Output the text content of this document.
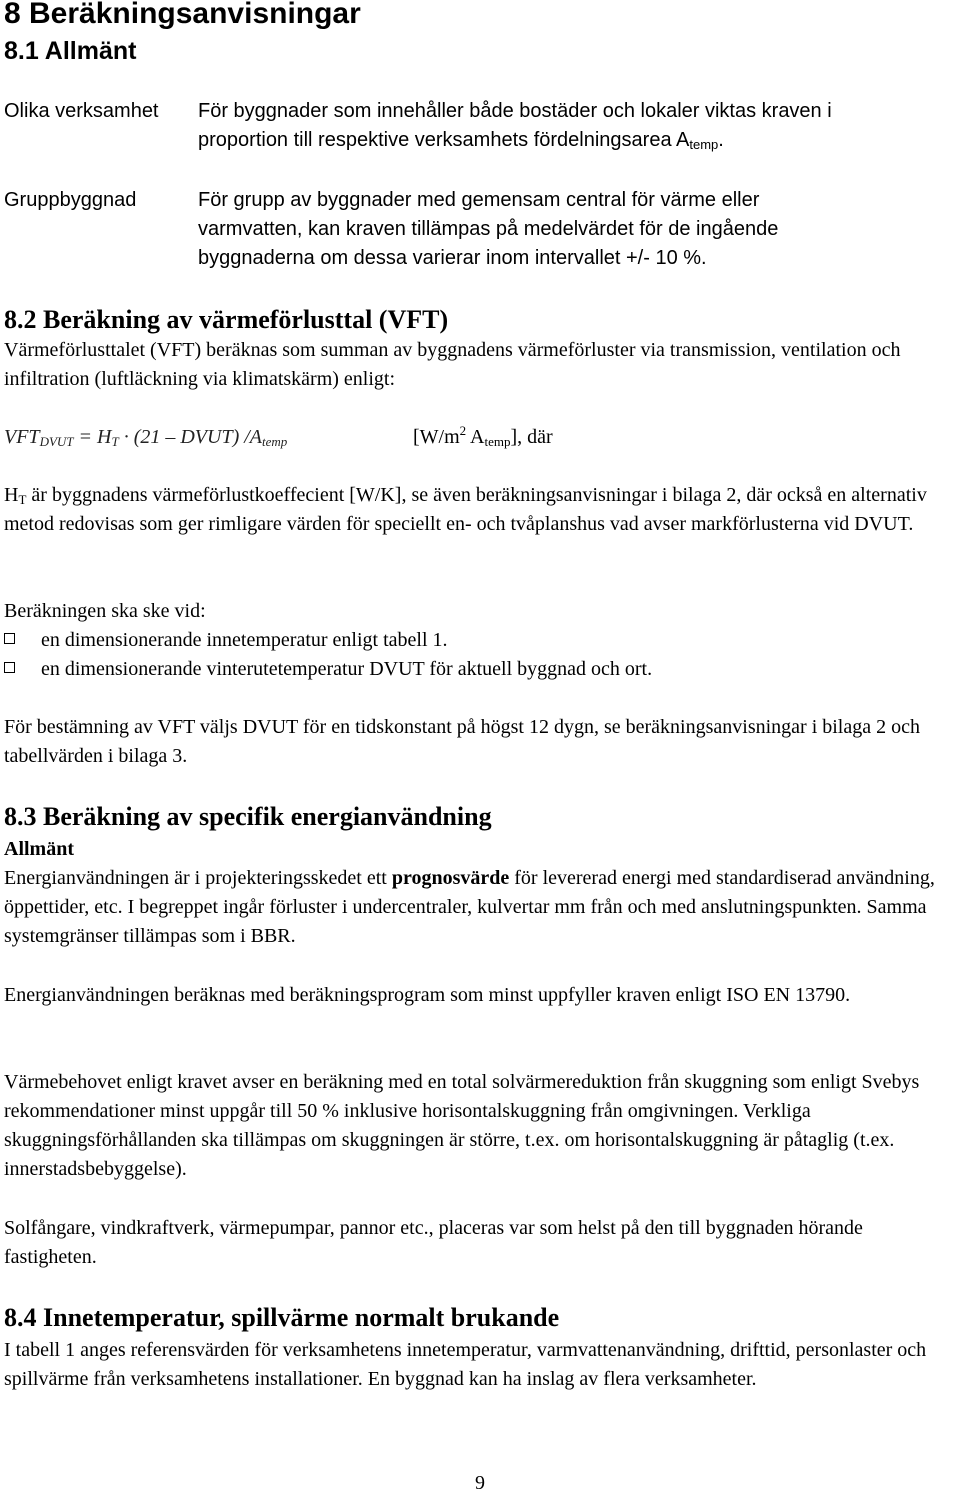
8 Beräkningsanvisningar
8.1 Allmänt
Olika verksamhet För byggnader som innehåller både bostäder och lokaler viktas kraven i
proportion till respektive verksamhets fördelningsarea $A_{temp}$.
Gruppbyggnad	För grupp av byggnader med gemensam central för värme eller
varmvatten, kan kraven tillämpas på medelvärdet för de ingående
byggnaderna om dessa varierar inom intervallet +/- 10 %.
8.2 Beräkning av värmeförlusttal (VFT)

Värmeförlusttalet (VFT) beräknas som summan av byggnadens värmeförluster via transmission, ventilation och infiltration (luftläckning via klimatskärm) enligt:

$VFT_{DVUT} = H_T \cdot (21$ – DVUT) $/A_{temp}$	[$W/m^2$ $A_{temp}$], där

$H_T$ är byggnadens värmeförlustkoeffecient [W/K], se även beräkningsanvisningar i bilaga 2, där också en alternativ metod redovisas som ger rimligare värden för speciellt en- och tvåplanshus vad avser markförlusterna vid DVUT.

Beräkningen ska ske vid:

en dimensionerande innetemperatur enligt tabell 1.
en dimensionerande vinterutetemperatur DVUT för aktuell byggnad och ort.

För bestämning av VFT väljs DVUT för en tidskonstant på högst 12 dygn, se beräkningsanvisningar i bilaga 2 och tabellvärden i bilaga 3.

8.3 Beräkning av specifik energianvändning
Allmänt

Energianvändningen är i projekteringsskedet ett prognosvärde för levererad energi med standardiserad användning, öppettider, etc. I begreppet ingår förluster i undercentraler, kulvertar mm från och med anslutningspunkten. Samma systemgränser tillämpas som i BBR.

Energianvändningen beräknas med beräkningsprogram som minst uppfyller kraven enligt ISO EN 13790.

Värmebehovet enligt kravet avser en beräkning med en total solvärmereduktion från skuggning som enligt Svebys rekommendationer minst uppgår till 50 % inklusive horisontalskuggning från omgivningen. Verkliga skuggningsförhållanden ska tillämpas om skuggningen är större, t.ex. om horisontalskuggning är påtaglig (t.ex. innerstadsbebyggelse).

Solfångare, vindkraftverk, värmepumpar, pannor etc., placeras var som helst på den till byggnaden hörande fastigheten.

8.4 Innetemperatur, spillvärme normalt brukande

I tabell 1 anges referensvärden för verksamhetens innetemperatur, varmvattenanvändning, drifttid, personlaster och spillvärme från verksamhetens installationer. En byggnad kan ha inslag av flera verksamheter.

9
